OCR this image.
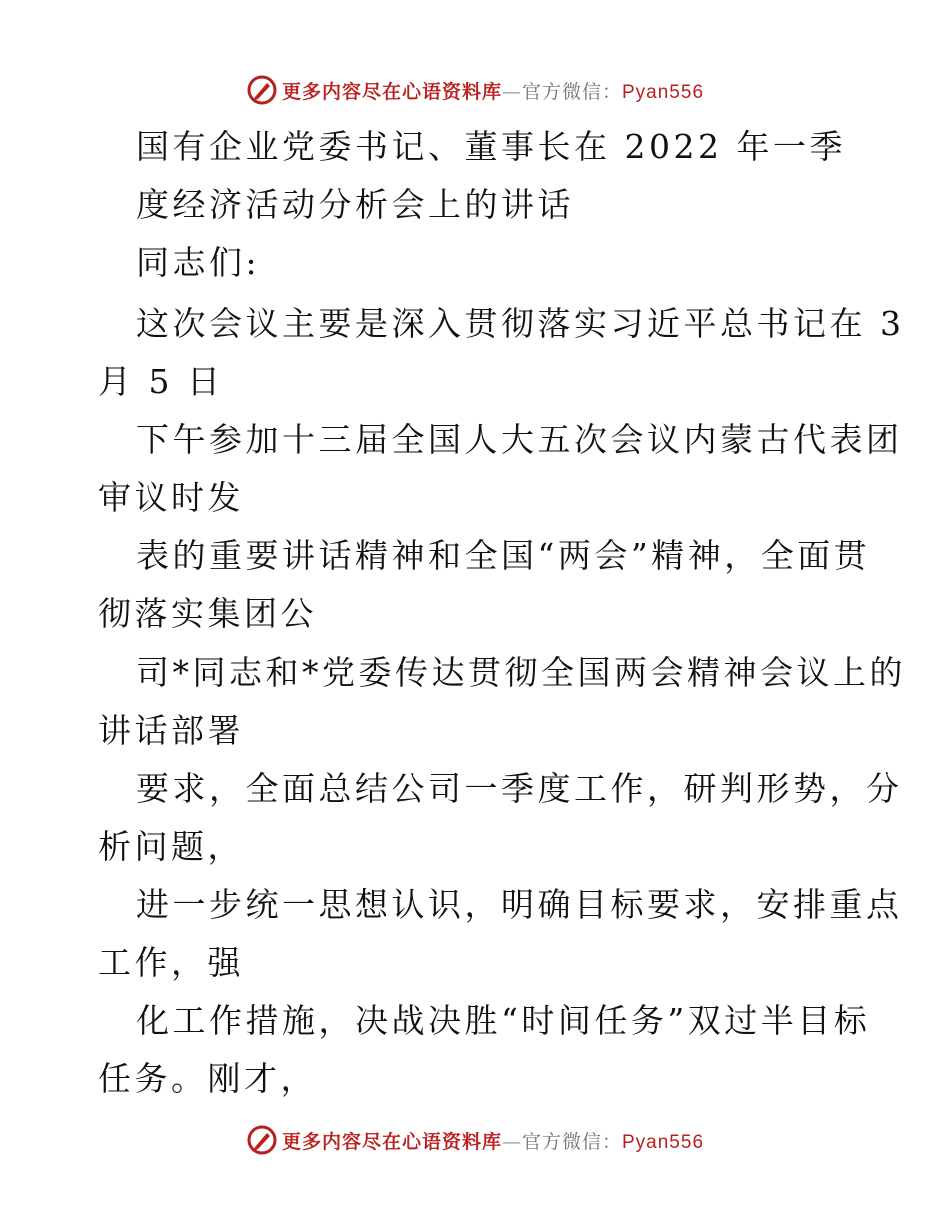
更多内容尽在心语资料库—官方微信：Pyan556
国有企业党委书记、董事长在 2022 年一季
度经济活动分析会上的讲话
同志们:
这次会议主要是深入贯彻落实习近平总书记在 3
月 5 日
下午参加十三届全国人大五次会议内蒙古代表团
审议时发
表的重要讲话精神和全国“两会”精神，全面贯
彻落实集团公
司*同志和*党委传达贯彻全国两会精神会议上的
讲话部署
要求，全面总结公司一季度工作，研判形势，分
析问题，
进一步统一思想认识，明确目标要求，安排重点
工作，强
化工作措施，决战决胜“时间任务”双过半目标
任务。刚才，
更多内容尽在心语资料库—官方微信：Pyan556
